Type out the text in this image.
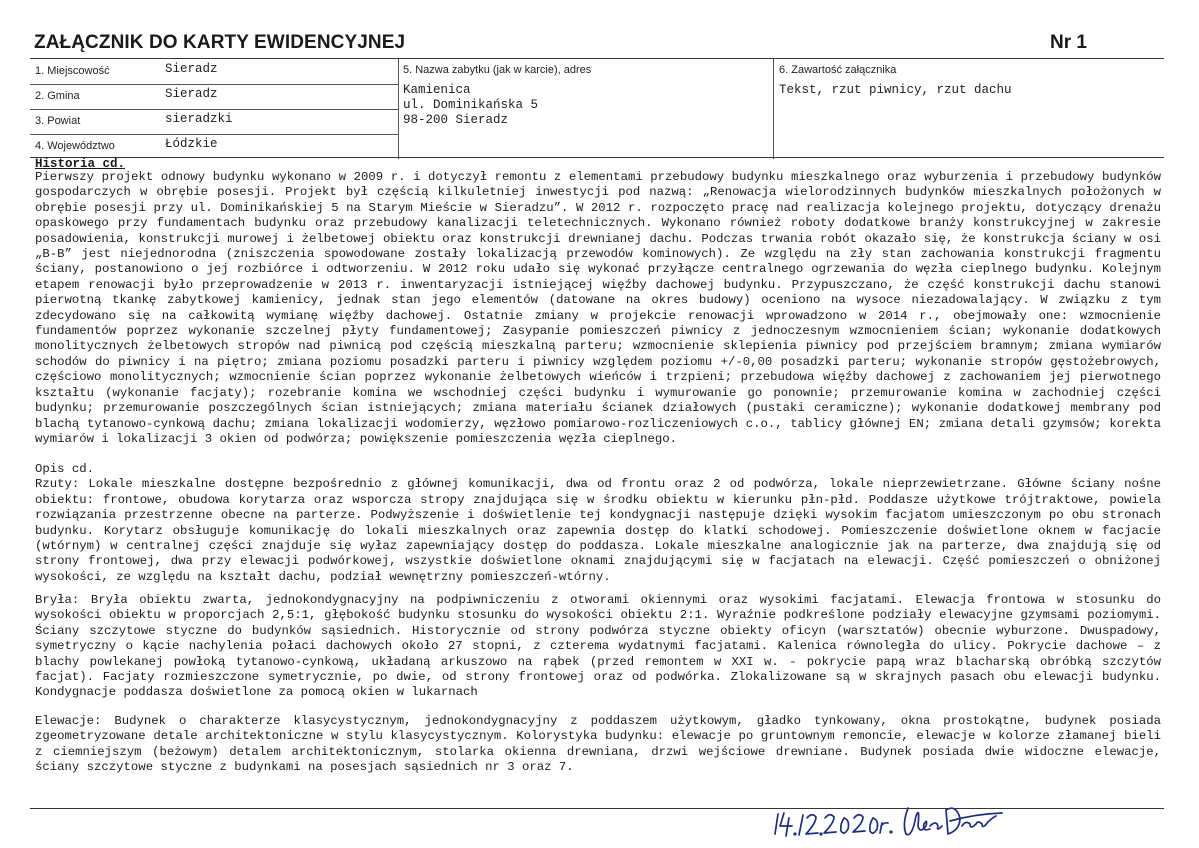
ZAŁĄCZNIK DO KARTY EWIDENCYJNEJ	Nr 1
1. Miejscowość	Sieradz
2. Gmina	Sieradz
3. Powiat	sieradzki
4. Województwo	Łódzkie
5. Nazwa zabytku (jak w karcie), adres
Kamienica
ul. Dominikańska 5
98-200 Sieradz
6. Zawartość załącznika
Tekst, rzut piwnicy, rzut dachu
Historia cd.

Pierwszy projekt odnowy budynku wykonano w 2009 r. i dotyczył remontu z elementami przebudowy budynku mieszkalnego oraz wyburzenia i przebudowy budynków gospodarczych w obrębie posesji. Projekt był częścią kilkuletniej inwestycji pod nazwą: „Renowacja wielorodzinnych budynków mieszkalnych położonych w obrębie posesji przy ul. Dominikańskiej 5 na Starym Mieście w Sieradzu”. W 2012 r. rozpoczęto pracę nad realizacja kolejnego projektu, dotyczący drenażu opaskowego przy fundamentach budynku oraz przebudowy kanalizacji teletechnicznych. Wykonano również roboty dodatkowe branży konstrukcyjnej w zakresie posadowienia, konstrukcji murowej i żelbetowej obiektu oraz konstrukcji drewnianej dachu. Podczas trwania robót okazało się, że konstrukcja ściany w osi „B-B” jest niejednorodna (zniszczenia spowodowane zostały lokalizacją przewodów kominowych). Ze względu na zły stan zachowania konstrukcji fragmentu ściany, postanowiono o jej rozbiórce i odtworzeniu. W 2012 roku udało się wykonać przyłącze centralnego ogrzewania do węzła cieplnego budynku. Kolejnym etapem renowacji było przeprowadzenie w 2013 r. inwentaryzacji istniejącej więźby dachowej budynku. Przypuszczano, że część konstrukcji dachu stanowi pierwotną tkankę zabytkowej kamienicy, jednak stan jego elementów (datowane na okres budowy) oceniono na wysoce niezadowalający. W związku z tym zdecydowano się na całkowitą wymianę więźby dachowej. Ostatnie zmiany w projekcie renowacji wprowadzono w 2014 r., obejmowały one: wzmocnienie fundamentów poprzez wykonanie szczelnej płyty fundamentowej; Zasypanie pomieszczeń piwnicy z jednoczesnym wzmocnieniem ścian; wykonanie dodatkowych monolitycznych żelbetowych stropów nad piwnicą pod częścią mieszkalną parteru; wzmocnienie sklepienia piwnicy pod przejściem bramnym; zmiana wymiarów schodów do piwnicy i na piętro; zmiana poziomu posadzki parteru i piwnicy względem poziomu +/-0,00 posadzki parteru; wykonanie stropów gęstożebrowych, częściowo monolitycznych; wzmocnienie ścian poprzez wykonanie żelbetowych wieńców i trzpieni; przebudowa więźby dachowej z zachowaniem jej pierwotnego kształtu (wykonanie facjaty); rozebranie komina we wschodniej części budynku i wymurowanie go ponownie; przemurowanie komina w zachodniej części budynku; przemurowanie poszczególnych ścian istniejących; zmiana materiału ścianek działowych (pustaki ceramiczne); wykonanie dodatkowej membrany pod blachą tytanowo-cynkową dachu; zmiana lokalizacji wodomierzy, węzłowo pomiarowo-rozliczeniowych c.o., tablicy głównej EN; zmiana detali gzymsów; korekta wymiarów i lokalizacji 3 okien od podwórza; powiększenie pomieszczenia węzła cieplnego.

Opis cd.
Rzuty: Lokale mieszkalne dostępne bezpośrednio z głównej komunikacji, dwa od frontu oraz 2 od podwórza, lokale nieprzewietrzane. Główne ściany nośne obiektu: frontowe, obudowa korytarza oraz wsporcza stropy znajdująca się w środku obiektu w kierunku płn-płd. Poddasze użytkowe trójtraktowe, powiela rozwiązania przestrzenne obecne na parterze. Podwyższenie i doświetlenie tej kondygnacji następuje dzięki wysokim facjatom umieszczonym po obu stronach budynku. Korytarz obsługuje komunikację do lokali mieszkalnych oraz zapewnia dostęp do klatki schodowej. Pomieszczenie doświetlone oknem w facjacie (wtórnym) w centralnej części znajduje się wyłaz zapewniający dostęp do poddasza. Lokale mieszkalne analogicznie jak na parterze, dwa znajdują się od strony frontowej, dwa przy elewacji podwórkowej, wszystkie doświetlone oknami znajdującymi się w facjatach na elewacji. Część pomieszczeń o obniżonej wysokości, ze względu na kształt dachu, podział wewnętrzny pomieszczeń-wtórny.

Bryła: Bryła obiektu zwarta, jednokondygnacyjny na podpiwniczeniu z otworami okiennymi oraz wysokimi facjatami. Elewacja frontowa w stosunku do wysokości obiektu w proporcjach 2,5:1, głębokość budynku stosunku do wysokości obiektu 2:1. Wyraźnie podkreślone podziały elewacyjne gzymsami poziomymi. Ściany szczytowe styczne do budynków sąsiednich. Historycznie od strony podwórza styczne obiekty oficyn (warsztatów) obecnie wyburzone. Dwuspadowy, symetryczny o kącie nachylenia połaci dachowych około 27 stopni, z czterema wydatnymi facjatami. Kalenica równoległa do ulicy. Pokrycie dachowe – z blachy powlekanej powłoką tytanowo-cynkową, układaną arkuszowo na rąbek (przed remontem w XXI w. - pokrycie papą wraz blacharską obróbką szczytów facjat). Facjaty rozmieszczone symetrycznie, po dwie, od strony frontowej oraz od podwórka. Zlokalizowane są w skrajnych pasach obu elewacji budynku. Kondygnacje poddasza doświetlone za pomocą okien w lukarnach

Elewacje: Budynek o charakterze klasycystycznym, jednokondygnacyjny z poddaszem użytkowym, gładko tynkowany, okna prostokątne, budynek posiada zgeometryzowane detale architektoniczne w stylu klasycystycznym. Kolorystyka budynku: elewacje po gruntownym remoncie, elewacje w kolorze złamanej bieli z ciemniejszym (beżowym) detalem architektonicznym, stolarka okienna drewniana, drzwi wejściowe drewniane. Budynek posiada dwie widoczne elewacje, ściany szczytowe styczne z budynkami na posesjach sąsiednich nr 3 oraz 7.
